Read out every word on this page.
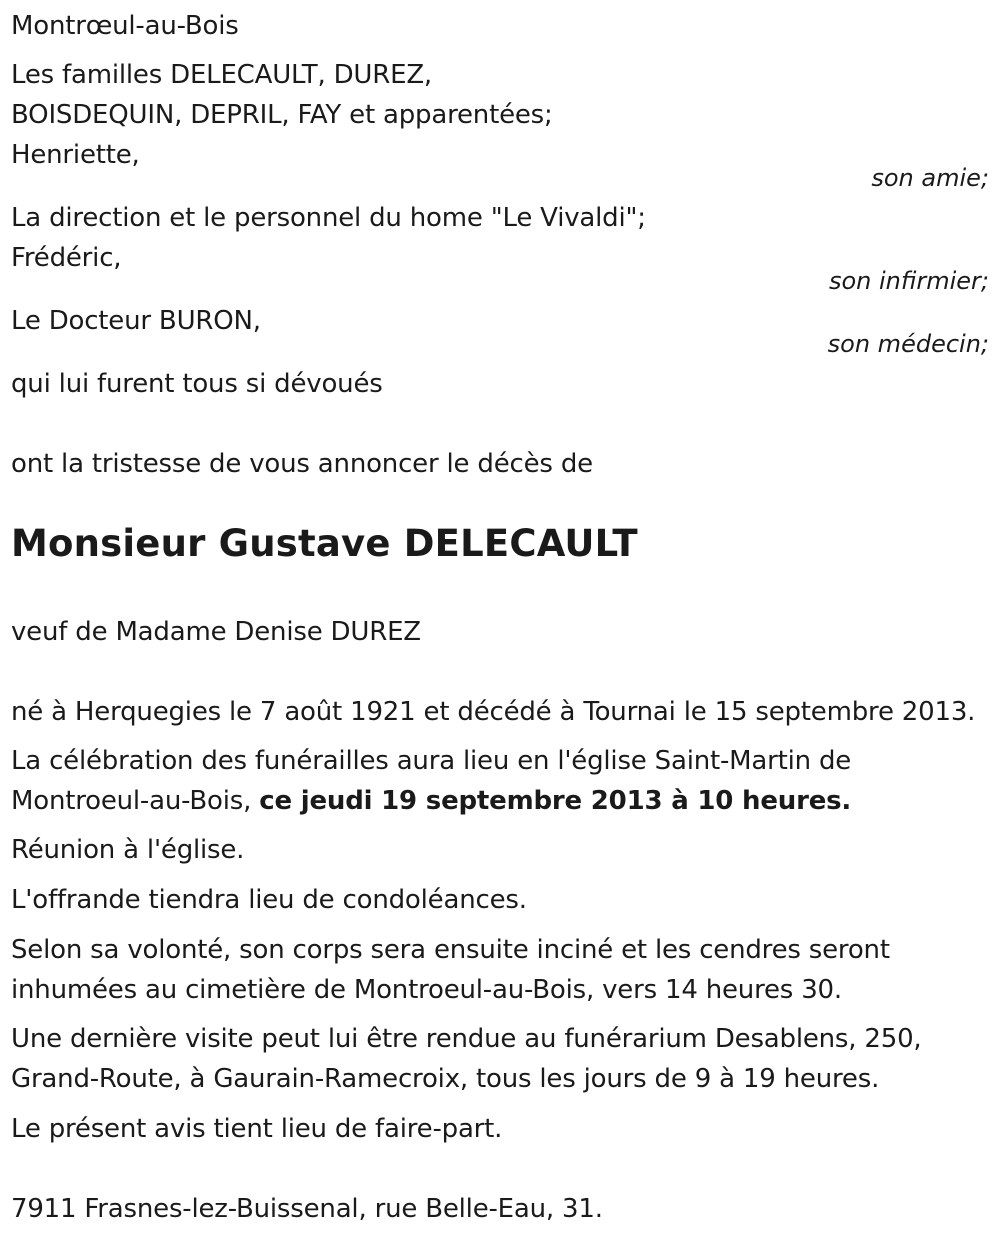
Montrœul-au-Bois
Les familles DELECAULT, DUREZ,
BOISDEQUIN, DEPRIL, FAY et apparentées;
Henriette,
son amie;
La direction et le personnel du home "Le Vivaldi";
Frédéric,
son infirmier;
Le Docteur BURON,
son médecin;
qui lui furent tous si dévoués
ont la tristesse de vous annoncer le décès de
Monsieur Gustave DELECAULT
veuf de Madame Denise DUREZ
né à Herquegies le 7 août 1921 et décédé à Tournai le 15 septembre 2013.
La célébration des funérailles aura lieu en l'église Saint-Martin de
Montroeul-au-Bois, ce jeudi 19 septembre 2013 à 10 heures.
Réunion à l'église.
L'offrande tiendra lieu de condoléances.
Selon sa volonté, son corps sera ensuite inciné et les cendres seront
inhumées au cimetière de Montroeul-au-Bois, vers 14 heures 30.
Une dernière visite peut lui être rendue au funérarium Desablens, 250,
Grand-Route, à Gaurain-Ramecroix, tous les jours de 9 à 19 heures.
Le présent avis tient lieu de faire-part.
7911 Frasnes-lez-Buissenal, rue Belle-Eau, 31.
